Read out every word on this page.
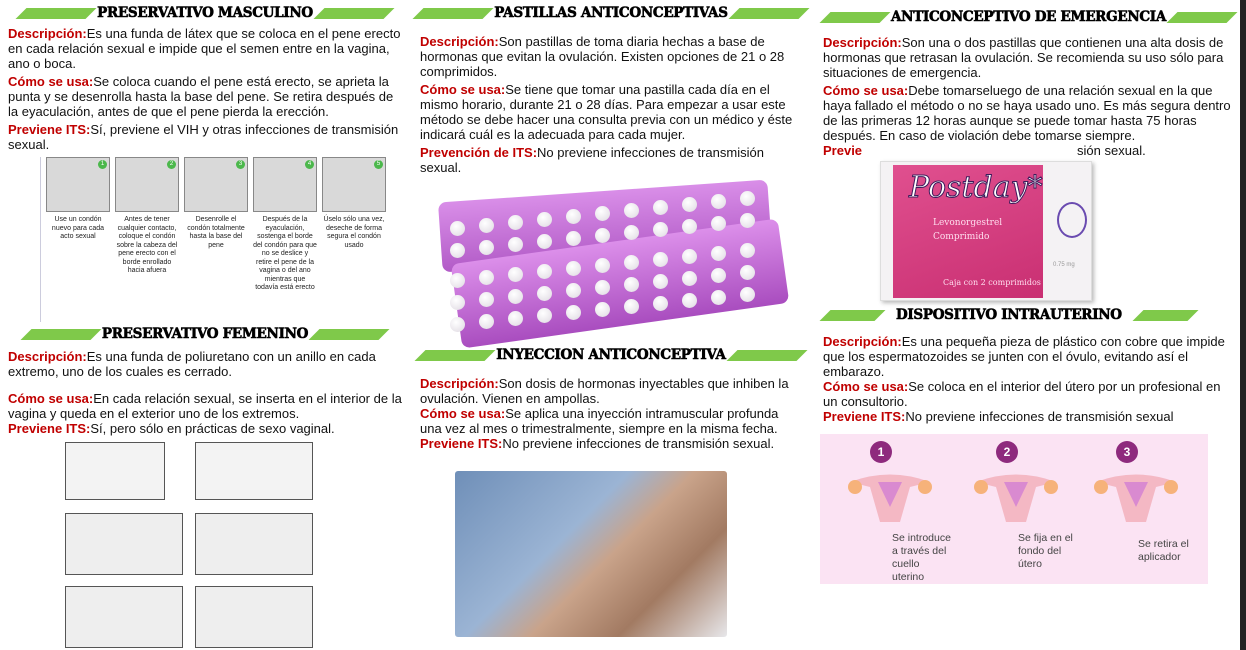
PRESERVATIVO MASCULINO

Descripción:Es una funda de látex que se coloca en el pene erecto en cada relación sexual e impide que el semen entre en la vagina, ano o boca.

Cómo se usa:Se coloca cuando el pene está erecto, se aprieta la punta y se desenrolla hasta la base del pene. Se retira después de la eyaculación, antes de que el pene pierda la erección.

Previene ITS:Sí, previene el VIH y otras infecciones de transmisión sexual.

1
Use un condón nuevo para cada acto sexual
2
Antes de tener cualquier contacto, coloque el condón sobre la cabeza del pene erecto con el borde enrollado hacia afuera
3
Desenrolle el condón totalmente hasta la base del pene
4
Después de la eyaculación, sostenga el borde del condón para que no se deslice y retire el pene de la vagina o del ano mientras que todavía está erecto
5
Úselo sólo una vez, deseche de forma segura el condón usado
PRESERVATIVO FEMENINO

Descripción:Es una funda de poliuretano con un anillo en cada extremo, uno de los cuales es cerrado.

Cómo se usa:En cada relación sexual, se inserta en el interior de la vagina y queda en el exterior uno de los extremos.

Previene ITS:Sí, pero sólo en prácticas de sexo vaginal.

PASTILLAS ANTICONCEPTIVAS

Descripción:Son pastillas de toma diaria hechas a base de hormonas que evitan la ovulación. Existen opciones de 21 o 28 comprimidos.

Cómo se usa:Se tiene que tomar una pastilla cada día en el mismo horario, durante 21 o 28 días. Para empezar a usar este método se debe hacer una consulta previa con un médico y éste indicará cuál es la adecuada para cada mujer.

Prevención de ITS:No previene infecciones de transmisión sexual.

INYECCION ANTICONCEPTIVA

Descripción:Son dosis de hormonas inyectables que inhiben la ovulación. Vienen en ampollas.

Cómo se usa:Se aplica una inyección intramuscular profunda una vez al mes o trimestralmente, siempre en la misma fecha.

Previene ITS:No previene infecciones de transmisión sexual.

ANTICONCEPTIVO DE EMERGENCIA

Descripción:Son una o dos pastillas que contienen una alta dosis de hormonas que retrasan la ovulación. Se recomienda su uso sólo para situaciones de emergencia.

Cómo se usa:Debe tomarseluego de una relación sexual en la que haya fallado el método o no se haya usado uno. Es más segura dentro de las primeras 12 horas aunque se puede tomar hasta 75 horas después. En caso de violación debe tomarse siempre.

Previe	sión sexual.

Postday*
Levonorgestrel
Comprimido
Caja con 2 comprimidos
0.75 mg
DISPOSITIVO INTRAUTERINO

Descripción:Es una pequeña pieza de plástico con cobre que impide que los espermatozoides se junten con el óvulo, evitando así el embarazo.

Cómo se usa:Se coloca en el interior del útero por un profesional en un consultorio.

Previene ITS:No previene infecciones de transmisión sexual

1
Se introduce a través del cuello uterino
2
Se fija en el fondo del útero
3
Se retira el aplicador
